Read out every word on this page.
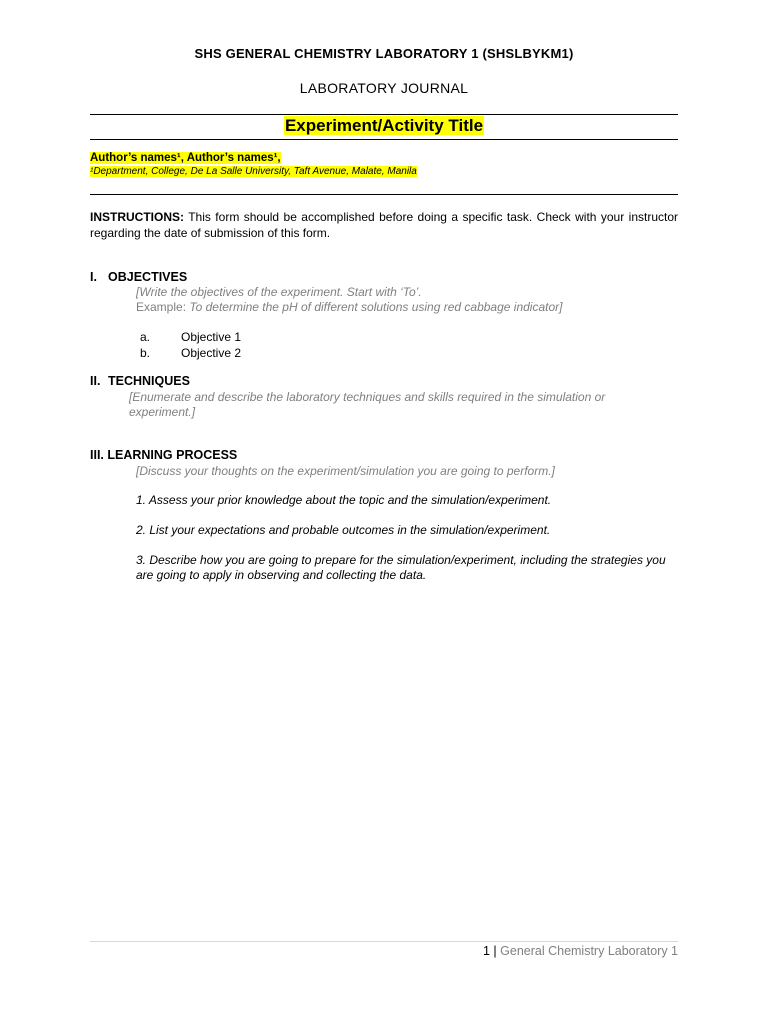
SHS GENERAL CHEMISTRY LABORATORY 1 (SHSLBYKM1)
LABORATORY JOURNAL
Experiment/Activity Title
Author’s names¹, Author’s names¹,
¹Department, College, De La Salle University, Taft Avenue, Malate, Manila
INSTRUCTIONS: This form should be accomplished before doing a specific task. Check with your instructor regarding the date of submission of this form.
I. OBJECTIVES
[Write the objectives of the experiment. Start with ‘To’.
Example: To determine the pH of different solutions using red cabbage indicator]
a.	Objective 1
b.	Objective 2
II. TECHNIQUES
[Enumerate and describe the laboratory techniques and skills required in the simulation or experiment.]
III. LEARNING PROCESS
[Discuss your thoughts on the experiment/simulation you are going to perform.]
1. Assess your prior knowledge about the topic and the simulation/experiment.
2. List your expectations and probable outcomes in the simulation/experiment.
3. Describe how you are going to prepare for the simulation/experiment, including the strategies you are going to apply in observing and collecting the data.
1 | General Chemistry Laboratory 1
